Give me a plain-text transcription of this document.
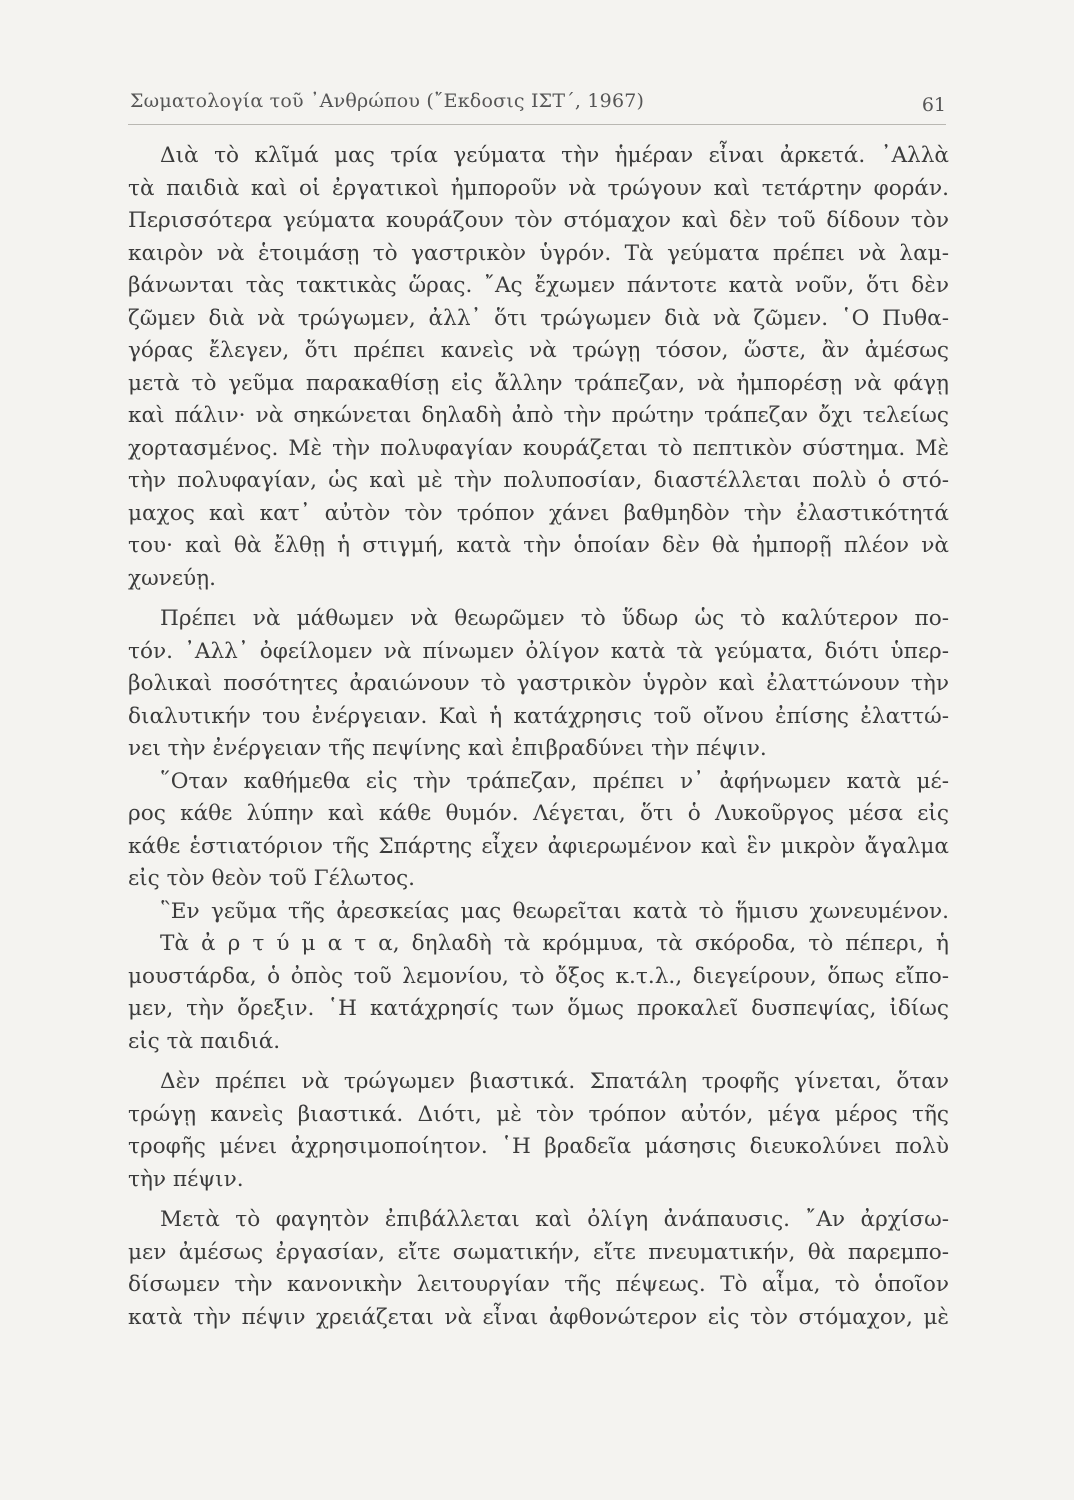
Σωματολογία τοῦ ᾿Ανθρώπου (῎Εκδοσις ΙΣΤ΄, 1967)	61
Διὰ τὸ κλῖμά μας τρία γεύματα τὴν ἡμέραν εἶναι ἀρκετά. ᾽Αλλὰ
τὰ παιδιὰ καὶ οἱ ἐργατικοὶ ἠμποροῦν νὰ τρώγουν καὶ τετάρτην φοράν.
Περισσότερα γεύματα κουράζουν τὸν στόμαχον καὶ δὲν τοῦ δίδουν τὸν
καιρὸν νὰ ἑτοιμάσῃ τὸ γαστρικὸν ὑγρόν. Τὰ γεύματα πρέπει νὰ λαμ-
βάνωνται τὰς τακτικὰς ὥρας. ῎Ας ἔχωμεν πάντοτε κατὰ νοῦν, ὅτι δὲν
ζῶμεν διὰ νὰ τρώγωμεν, ἀλλ᾽ ὅτι τρώγωμεν διὰ νὰ ζῶμεν. ῾Ο Πυθα-
γόρας ἔλεγεν, ὅτι πρέπει κανεὶς νὰ τρώγῃ τόσον, ὥστε, ἂν ἀμέσως
μετὰ τὸ γεῦμα παρακαθίσῃ εἰς ἄλλην τράπεζαν, νὰ ἠμπορέσῃ νὰ φάγῃ
καὶ πάλιν· νὰ σηκώνεται δηλαδὴ ἀπὸ τὴν πρώτην τράπεζαν ὄχι τελείως
χορτασμένος. Μὲ τὴν πολυφαγίαν κουράζεται τὸ πεπτικὸν σύστημα. Μὲ
τὴν πολυφαγίαν, ὡς καὶ μὲ τὴν πολυποσίαν, διαστέλλεται πολὺ ὁ στό-
μαχος καὶ κατ᾽ αὐτὸν τὸν τρόπον χάνει βαθμηδὸν τὴν ἐλαστικότητά
του· καὶ θὰ ἔλθῃ ἡ στιγμή, κατὰ τὴν ὁποίαν δὲν θὰ ἠμπορῇ πλέον νὰ
χωνεύῃ.
Πρέπει νὰ μάθωμεν νὰ θεωρῶμεν τὸ ὕδωρ ὡς τὸ καλύτερον πο-
τόν. ᾽Αλλ᾽ ὀφείλομεν νὰ πίνωμεν ὀλίγον κατὰ τὰ γεύματα, διότι ὑπερ-
βολικαὶ ποσότητες ἀραιώνουν τὸ γαστρικὸν ὑγρὸν καὶ ἐλαττώνουν τὴν
διαλυτικήν του ἐνέργειαν. Καὶ ἡ κατάχρησις τοῦ οἴνου ἐπίσης ἐλαττώ-
νει τὴν ἐνέργειαν τῆς πεψίνης καὶ ἐπιβραδύνει τὴν πέψιν.
῞Οταν καθήμεθα εἰς τὴν τράπεζαν, πρέπει ν᾽ ἀφήνωμεν κατὰ μέ-
ρος κάθε λύπην καὶ κάθε θυμόν. Λέγεται, ὅτι ὁ Λυκοῦργος μέσα εἰς
κάθε ἑστιατόριον τῆς Σπάρτης εἶχεν ἀφιερωμένον καὶ ἓν μικρὸν ἄγαλμα
εἰς τὸν θεὸν τοῦ Γέλωτος.
῝Εν γεῦμα τῆς ἀρεσκείας μας θεωρεῖται κατὰ τὸ ἥμισυ χωνευμένον.
Τὰ ἀ ρ τ ύ μ α τ α, δηλαδὴ τὰ κρόμμυα, τὰ σκόροδα, τὸ πέπερι, ἡ
μουστάρδα, ὁ ὀπὸς τοῦ λεμονίου, τὸ ὄξος κ.τ.λ., διεγείρουν, ὅπως εἴπο-
μεν, τὴν ὄρεξιν. ῾Η κατάχρησίς των ὅμως προκαλεῖ δυσπεψίας, ἰδίως
εἰς τὰ παιδιά.
Δὲν πρέπει νὰ τρώγωμεν βιαστικά. Σπατάλη τροφῆς γίνεται, ὅταν
τρώγῃ κανεὶς βιαστικά. Διότι, μὲ τὸν τρόπον αὐτόν, μέγα μέρος τῆς
τροφῆς μένει ἀχρησιμοποίητον. ῾Η βραδεῖα μάσησις διευκολύνει πολὺ
τὴν πέψιν.
Μετὰ τὸ φαγητὸν ἐπιβάλλεται καὶ ὀλίγη ἀνάπαυσις. ῎Αν ἀρχίσω-
μεν ἀμέσως ἐργασίαν, εἴτε σωματικήν, εἴτε πνευματικήν, θὰ παρεμπο-
δίσωμεν τὴν κανονικὴν λειτουργίαν τῆς πέψεως. Τὸ αἷμα, τὸ ὁποῖον
κατὰ τὴν πέψιν χρειάζεται νὰ εἶναι ἀφθονώτερον εἰς τὸν στόμαχον, μὲ
